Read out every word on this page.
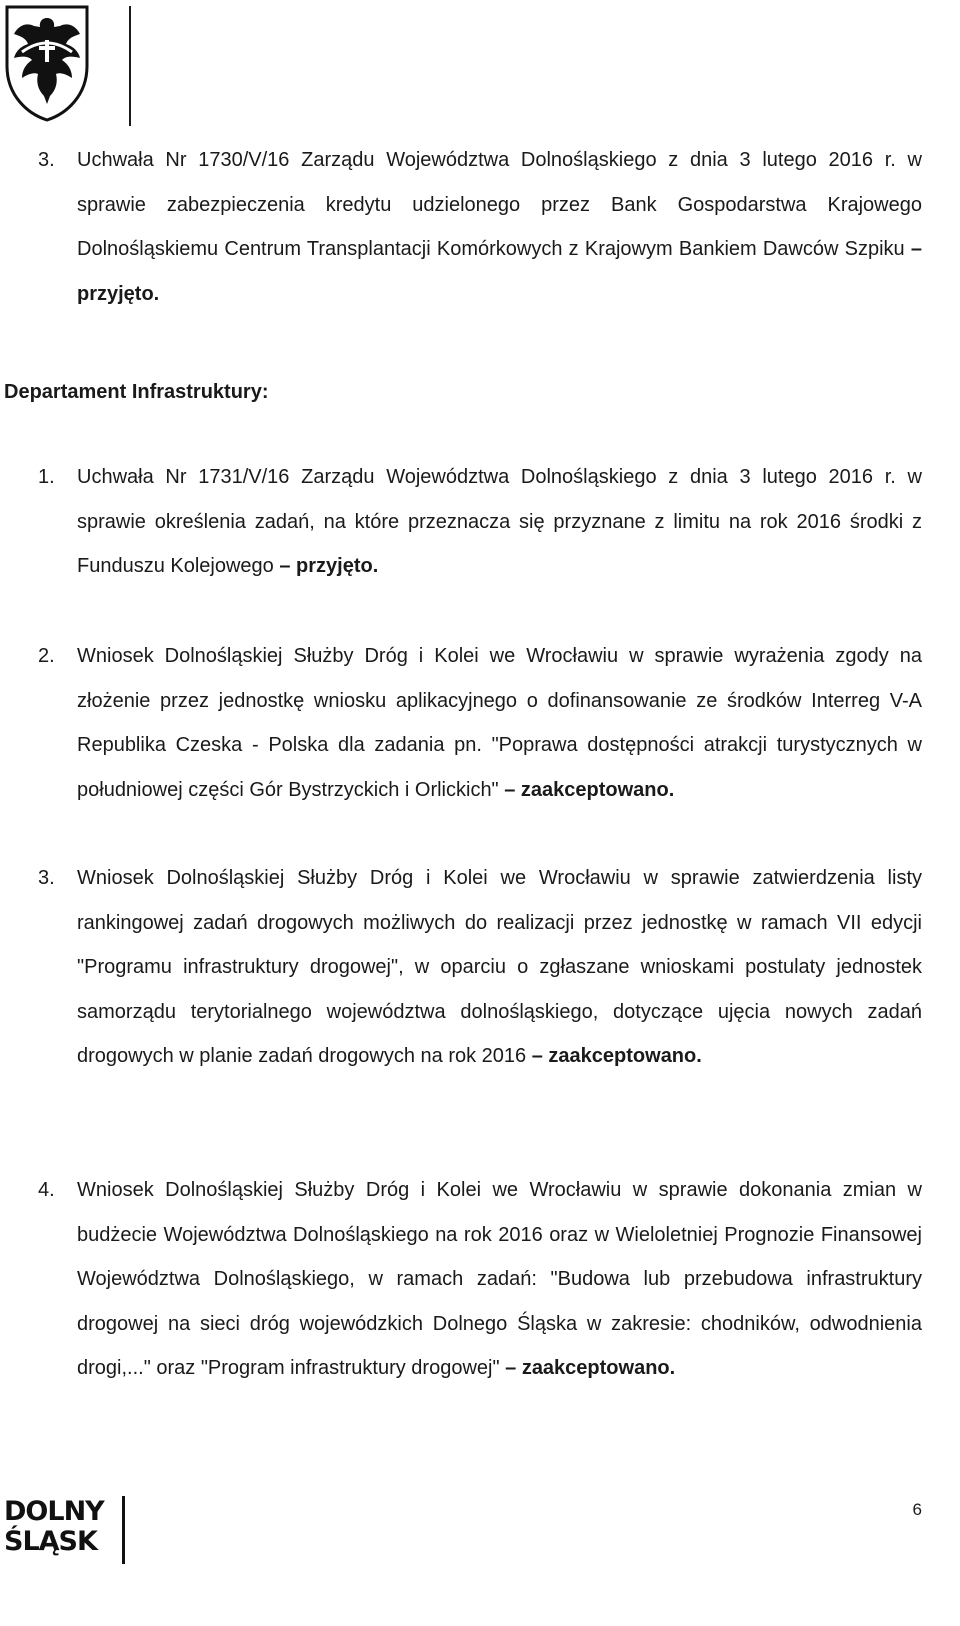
3. Uchwała Nr 1730/V/16 Zarządu Województwa Dolnośląskiego z dnia 3 lutego 2016 r. w sprawie zabezpieczenia kredytu udzielonego przez Bank Gospodarstwa Krajowego Dolnośląskiemu Centrum Transplantacji Komórkowych z Krajowym Bankiem Dawców Szpiku – przyjęto.
Departament Infrastruktury:
1. Uchwała Nr 1731/V/16 Zarządu Województwa Dolnośląskiego z dnia 3 lutego 2016 r. w sprawie określenia zadań, na które przeznacza się przyznane z limitu na rok 2016 środki z Funduszu Kolejowego – przyjęto.
2. Wniosek Dolnośląskiej Służby Dróg i Kolei we Wrocławiu w sprawie wyrażenia zgody na złożenie przez jednostkę wniosku aplikacyjnego o dofinansowanie ze środków Interreg V-A Republika Czeska - Polska dla zadania pn. "Poprawa dostępności atrakcji turystycznych w południowej części Gór Bystrzyckich i Orlickich" – zaakceptowano.
3. Wniosek Dolnośląskiej Służby Dróg i Kolei we Wrocławiu w sprawie zatwierdzenia listy rankingowej zadań drogowych możliwych do realizacji przez jednostkę w ramach VII edycji "Programu infrastruktury drogowej", w oparciu o zgłaszane wnioskami postulaty jednostek samorządu terytorialnego województwa dolnośląskiego, dotyczące ujęcia nowych zadań drogowych w planie zadań drogowych na rok 2016 – zaakceptowano.
4. Wniosek Dolnośląskiej Służby Dróg i Kolei we Wrocławiu w sprawie dokonania zmian w budżecie Województwa Dolnośląskiego na rok 2016 oraz w Wieloletniej Prognozie Finansowej Województwa Dolnośląskiego, w ramach zadań: "Budowa lub przebudowa infrastruktury drogowej na sieci dróg wojewódzkich Dolnego Śląska w zakresie: chodników, odwodnienia drogi,..." oraz "Program infrastruktury drogowej" – zaakceptowano.
DOLNY
ŚLĄSK
6
